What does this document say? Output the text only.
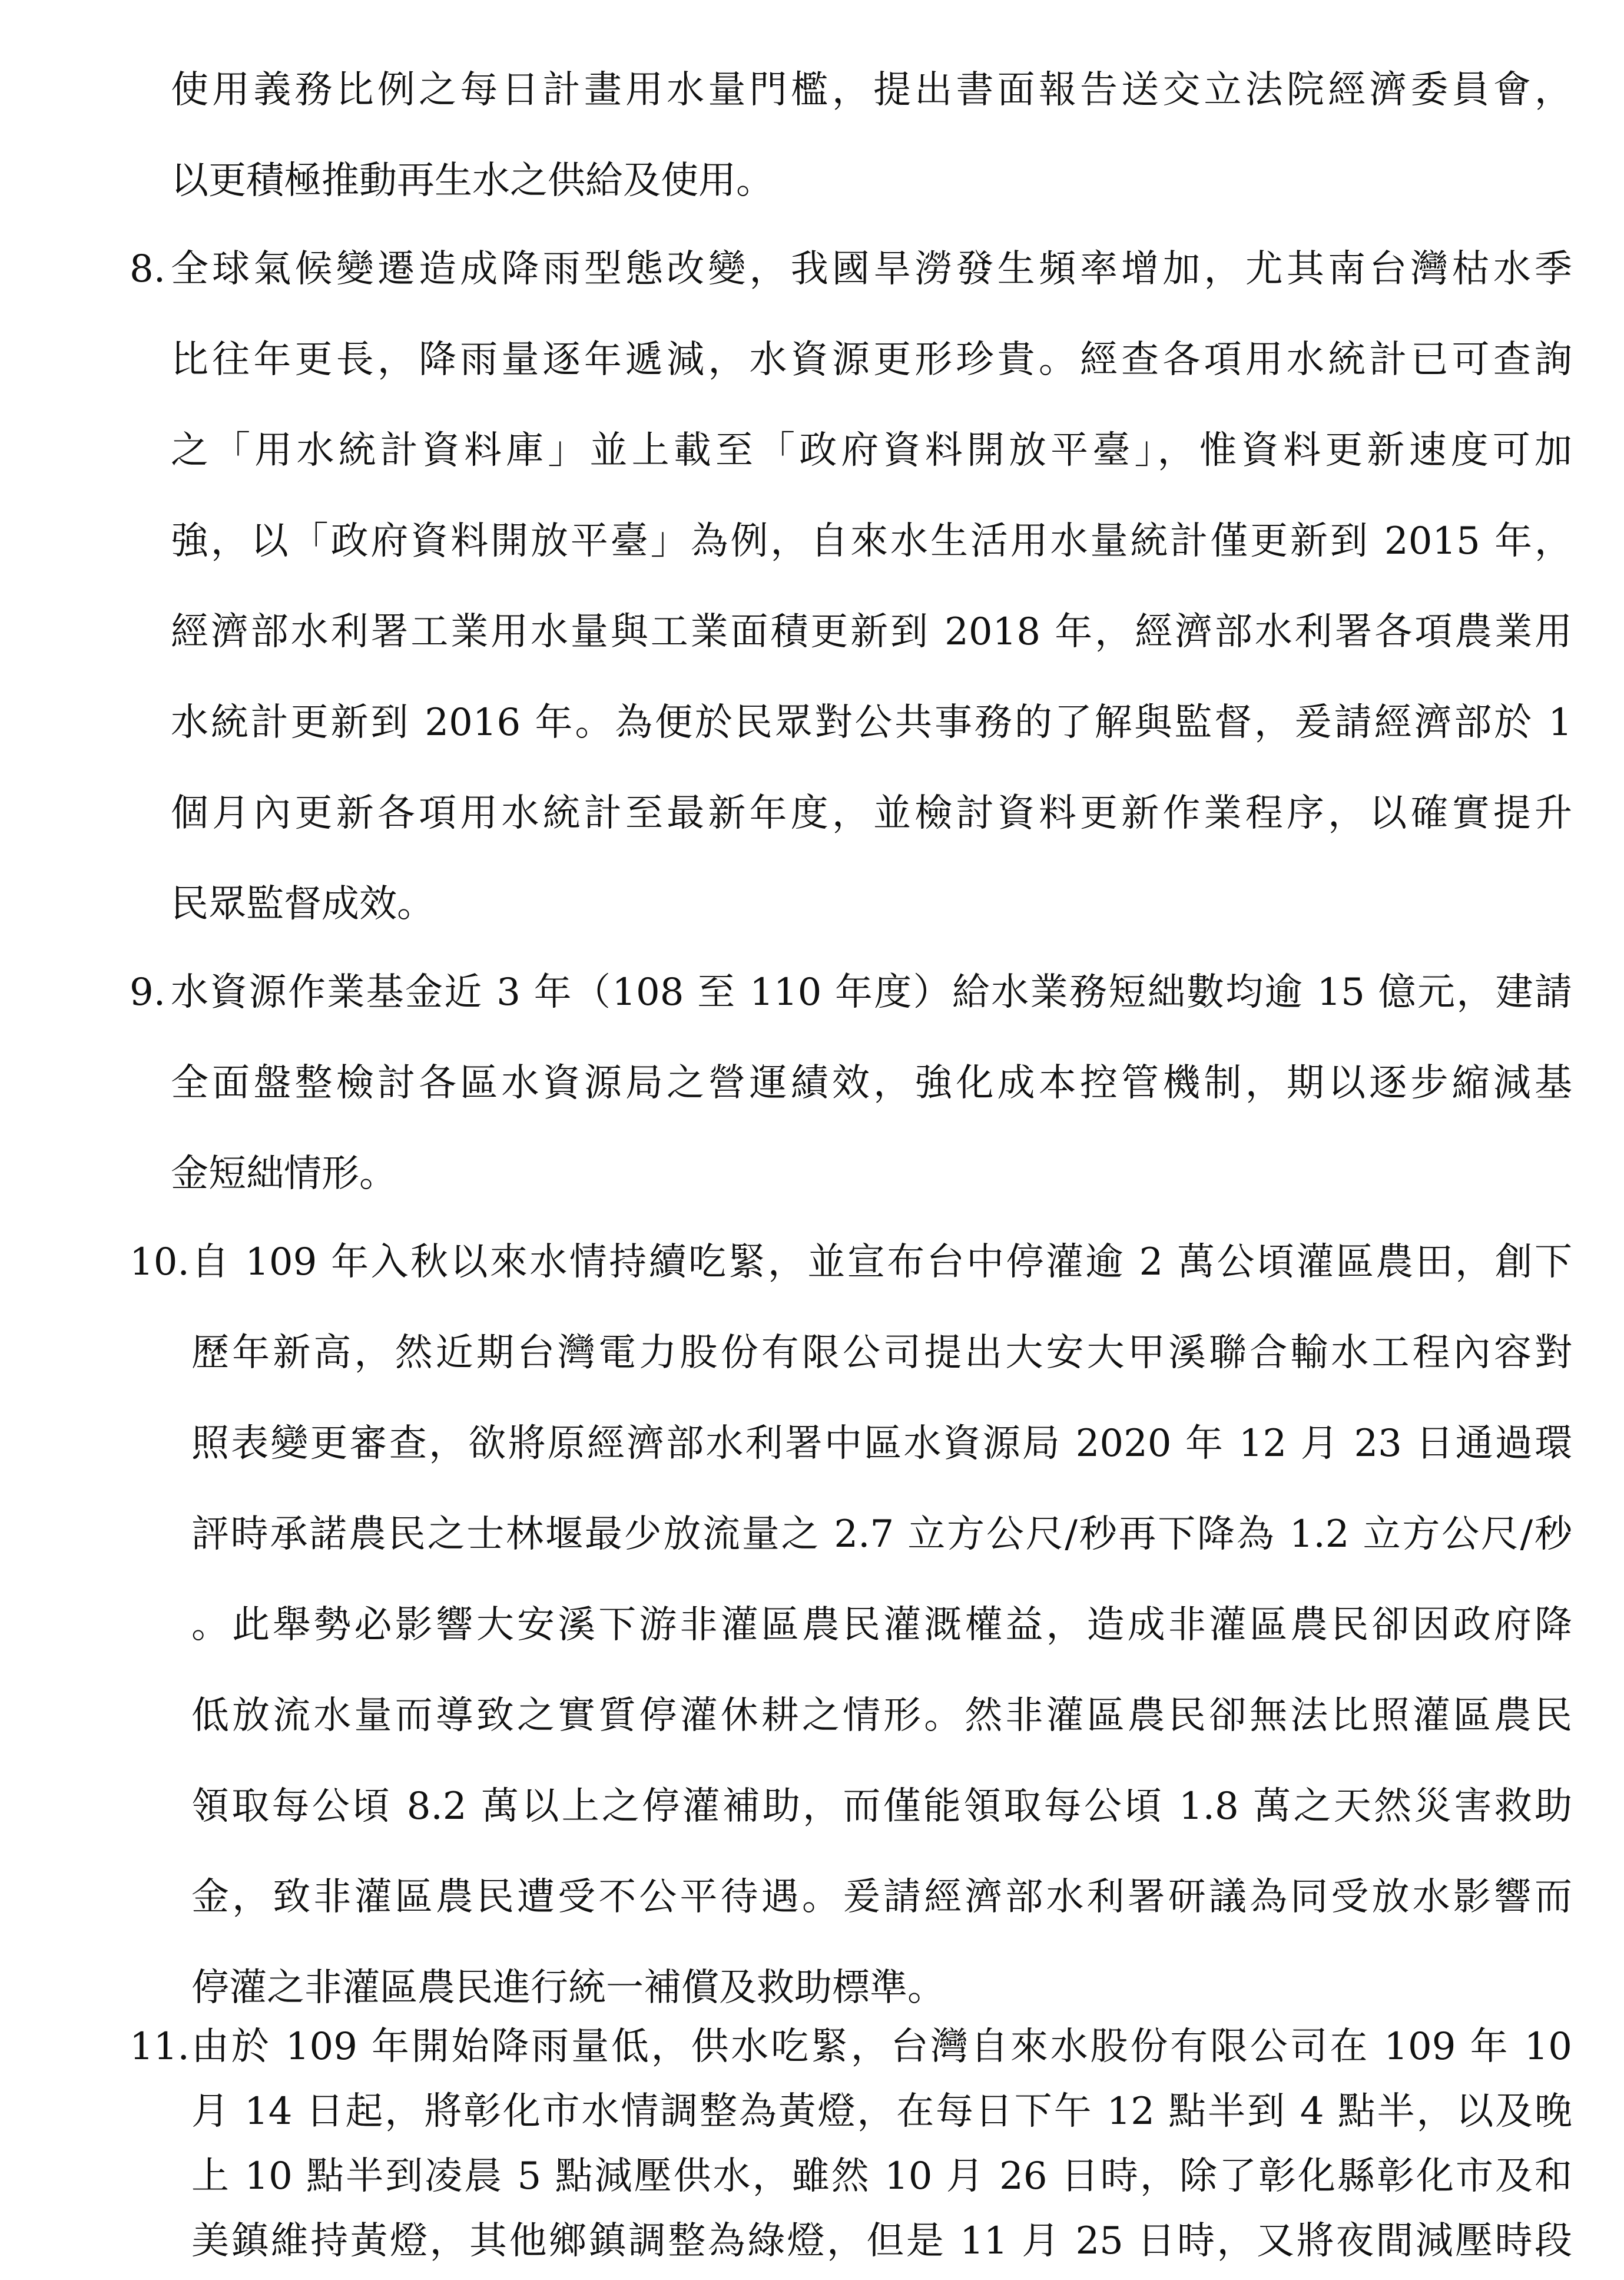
使用義務比例之每日計畫用水量門檻，提出書面報告送交立法院經濟委員會，
以更積極推動再生水之供給及使用。
8. 全球氣候變遷造成降雨型態改變，我國旱澇發生頻率增加，尤其南台灣枯水季
比往年更長，降雨量逐年遞減，水資源更形珍貴。經查各項用水統計已可查詢
之「用水統計資料庫」並上載至「政府資料開放平臺」，惟資料更新速度可加
強，以「政府資料開放平臺」為例，自來水生活用水量統計僅更新到 2015 年，
經濟部水利署工業用水量與工業面積更新到 2018 年，經濟部水利署各項農業用
水統計更新到 2016 年。為便於民眾對公共事務的了解與監督，爰請經濟部於 1
個月內更新各項用水統計至最新年度，並檢討資料更新作業程序，以確實提升
民眾監督成效。
9. 水資源作業基金近 3 年（108 至 110 年度）給水業務短絀數均逾 15 億元，建請
全面盤整檢討各區水資源局之營運績效，強化成本控管機制，期以逐步縮減基
金短絀情形。
10. 自 109 年入秋以來水情持續吃緊，並宣布台中停灌逾 2 萬公頃灌區農田，創下
歷年新高，然近期台灣電力股份有限公司提出大安大甲溪聯合輸水工程內容對
照表變更審查，欲將原經濟部水利署中區水資源局 2020 年 12 月 23 日通過環
評時承諾農民之士林堰最少放流量之 2.7 立方公尺/秒再下降為 1.2 立方公尺/秒
。此舉勢必影響大安溪下游非灌區農民灌溉權益，造成非灌區農民卻因政府降
低放流水量而導致之實質停灌休耕之情形。然非灌區農民卻無法比照灌區農民
領取每公頃 8.2 萬以上之停灌補助，而僅能領取每公頃 1.8 萬之天然災害救助
金，致非灌區農民遭受不公平待遇。爰請經濟部水利署研議為同受放水影響而
停灌之非灌區農民進行統一補償及救助標準。
11. 由於 109 年開始降雨量低，供水吃緊，台灣自來水股份有限公司在 109 年 10
月 14 日起，將彰化市水情調整為黃燈，在每日下午 12 點半到 4 點半，以及晚
上 10 點半到凌晨 5 點減壓供水，雖然 10 月 26 日時，除了彰化縣彰化市及和
美鎮維持黃燈，其他鄉鎮調整為綠燈，但是 11 月 25 日時，又將夜間減壓時段
